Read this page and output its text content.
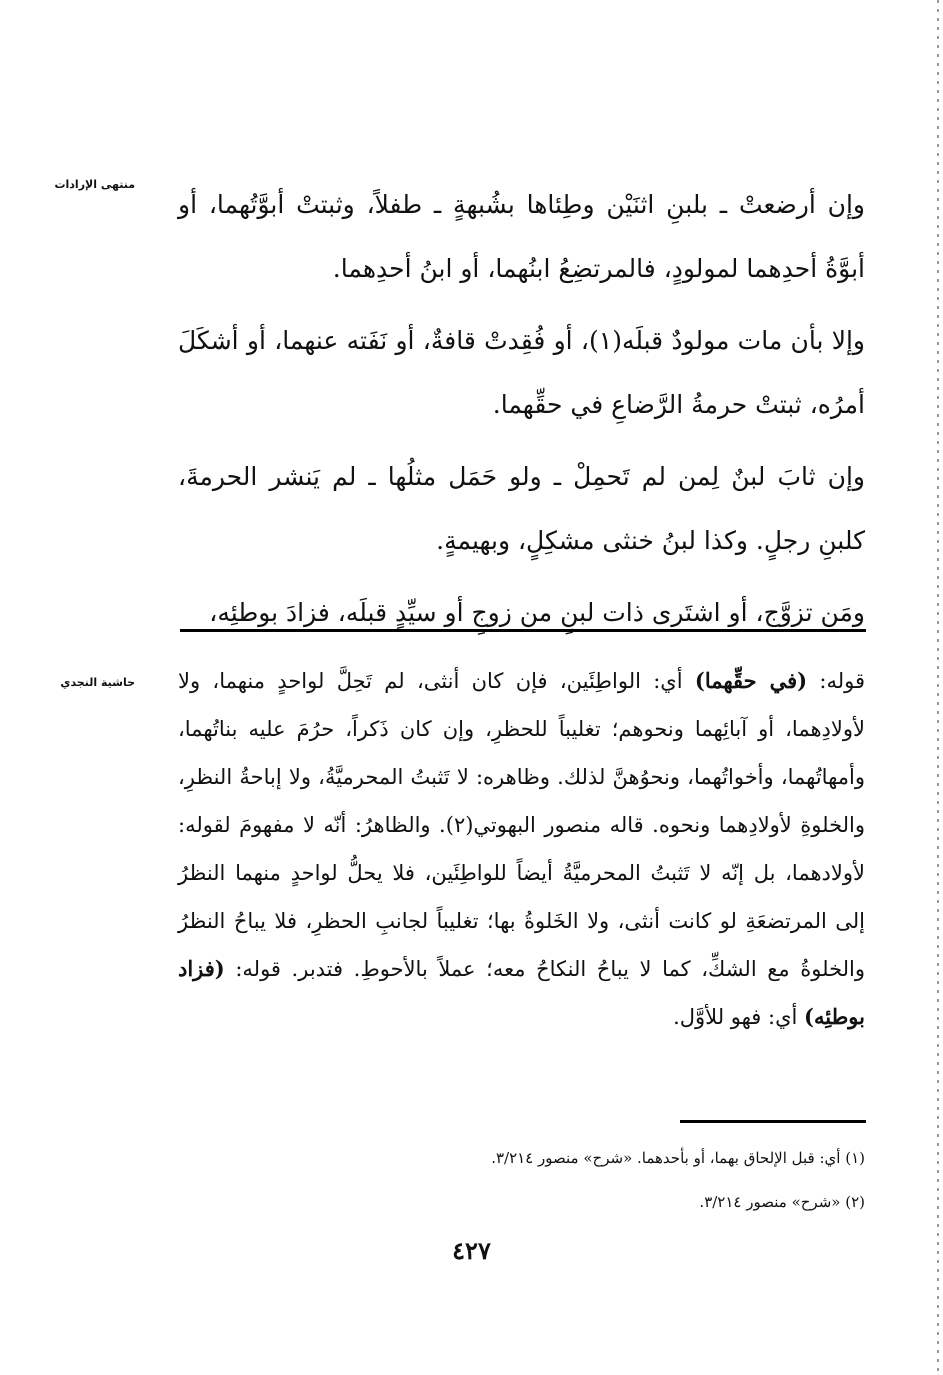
منتهى الإرادات
حاشية النجدي

وإن أرضعتْ ـ بلبنِ اثنَيْن وطِئاها بشُبهةٍ ـ طفلاً، وثبتتْ أبوَّتُهما، أو أبوَّةُ أحدِهما لمولودٍ، فالمرتضِعُ ابنُهما، أو ابنُ أحدِهما.

وإلا بأن مات مولودٌ قبلَه(١)، أو فُقِدتْ قافةٌ، أو نَفَته عنهما، أو أشكَلَ أمرُه، ثبتتْ حرمةُ الرَّضاعِ في حقِّهما.

وإن ثابَ لبنٌ لِمن لم تَحمِلْ ـ ولو حَمَل مثلُها ـ لم يَنشر الحرمةَ، كلبنِ رجلٍ. وكذا لبنُ خنثى مشكِلٍ، وبهيمةٍ.

ومَن تزوَّج، أو اشتَرى ذات لبنٍ من زوجٍ أو سيِّدٍ قبلَه، فزادَ بوطئِه،

قوله: (في حقِّهما) أي: الواطِئَين، فإن كان أنثى، لم تَحِلَّ لواحدٍ منهما، ولا لأولادِهما، أو آبائِهما ونحوهم؛ تغليباً للحظرِ، وإن كان ذَكراً، حرُمَ عليه بناتُهما، وأمهاتُهما، وأخواتُهما، ونحوُهنَّ لذلك. وظاهره: لا تَثبتُ المحرميَّةُ، ولا إباحةُ النظرِ، والخلوةِ لأولادِهما ونحوه. قاله منصور البهوتي(٢). والظاهرُ: أنّه لا مفهومَ لقوله: لأولادهما، بل إنّه لا تَثبتُ المحرميَّةُ أيضاً للواطِئَين، فلا يحلُّ لواحدٍ منهما النظرُ إلى المرتضعَةِ لو كانت أنثى، ولا الخَلوةُ بها؛ تغليباً لجانبِ الحظرِ، فلا يباحُ النظرُ والخلوةُ مع الشكِّ، كما لا يباحُ النكاحُ معه؛ عملاً بالأحوطِ. فتدبر. قوله: (فزاد بوطئِه) أي: فهو للأوَّل.

(١) أي: قبل الإلحاق بهما، أو بأحدهما. «شرح» منصور ٣/٢١٤.

(٢) «شرح» منصور ٣/٢١٤.

٤٢٧
